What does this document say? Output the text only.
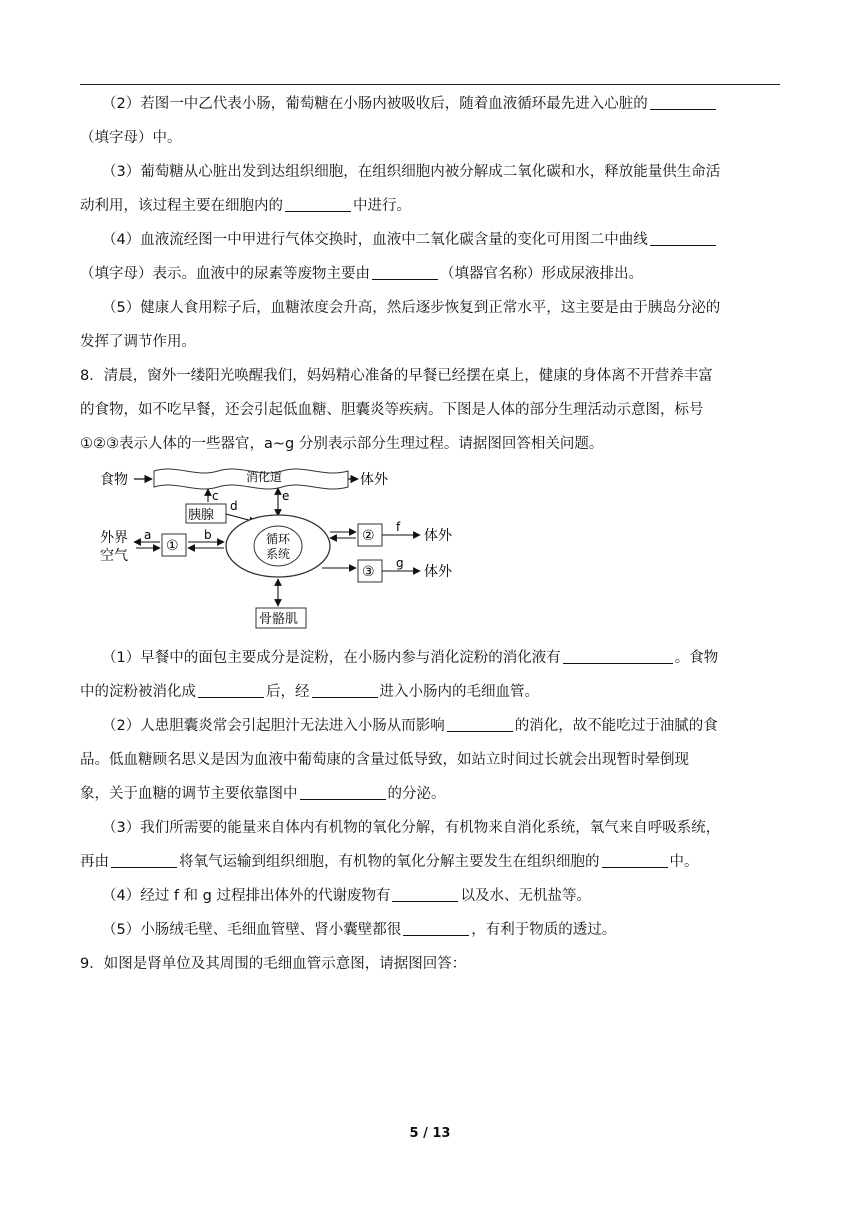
（2）若图一中乙代表小肠，葡萄糖在小肠内被吸收后，随着血液循环最先进入心脏的
（填字母）中。
（3）葡萄糖从心脏出发到达组织细胞，在组织细胞内被分解成二氧化碳和水，释放能量供生命活
动利用，该过程主要在细胞内的	中进行。
（4）血液流经图一中甲进行气体交换时，血液中二氧化碳含量的变化可用图二中曲线
（填字母）表示。血液中的尿素等废物主要由	（填器官名称）形成尿液排出。
（5）健康人食用粽子后，血糖浓度会升高，然后逐步恢复到正常水平，这主要是由于胰岛分泌的
发挥了调节作用。
8．清晨，窗外一缕阳光唤醒我们，妈妈精心准备的早餐已经摆在桌上，健康的身体离不开营养丰富
的食物，如不吃早餐，还会引起低血糖、胆囊炎等疾病。下图是人体的部分生理活动示意图，标号
①②③表示人体的一些器官，a~g 分别表示部分生理过程。请据图回答相关问题。
食物	消化道	体外
c
胰腺
e
d
循环
系统
外界
空气
a
①
b	②
f
体外
③
g
体外
骨骼肌
（1）早餐中的面包主要成分是淀粉，在小肠内参与消化淀粉的消化液有	。食物
中的淀粉被消化成	后，经	进入小肠内的毛细血管。
（2）人患胆囊炎常会引起胆汁无法进入小肠从而影响	的消化，故不能吃过于油腻的食
品。低血糖顾名思义是因为血液中葡萄康的含量过低导致，如站立时间过长就会出现暂时晕倒现
象，关于血糖的调节主要依靠图中	的分泌。
（3）我们所需要的能量来自体内有机物的氧化分解，有机物来自消化系统，氧气来自呼吸系统，
再由	将氧气运输到组织细胞，有机物的氧化分解主要发生在组织细胞的	中。
（4）经过 f 和 g 过程排出体外的代谢废物有	以及水、无机盐等。
（5）小肠绒毛壁、毛细血管壁、肾小囊壁都很	，有利于物质的透过。
9．如图是肾单位及其周围的毛细血管示意图，请据图回答：
5 / 13
